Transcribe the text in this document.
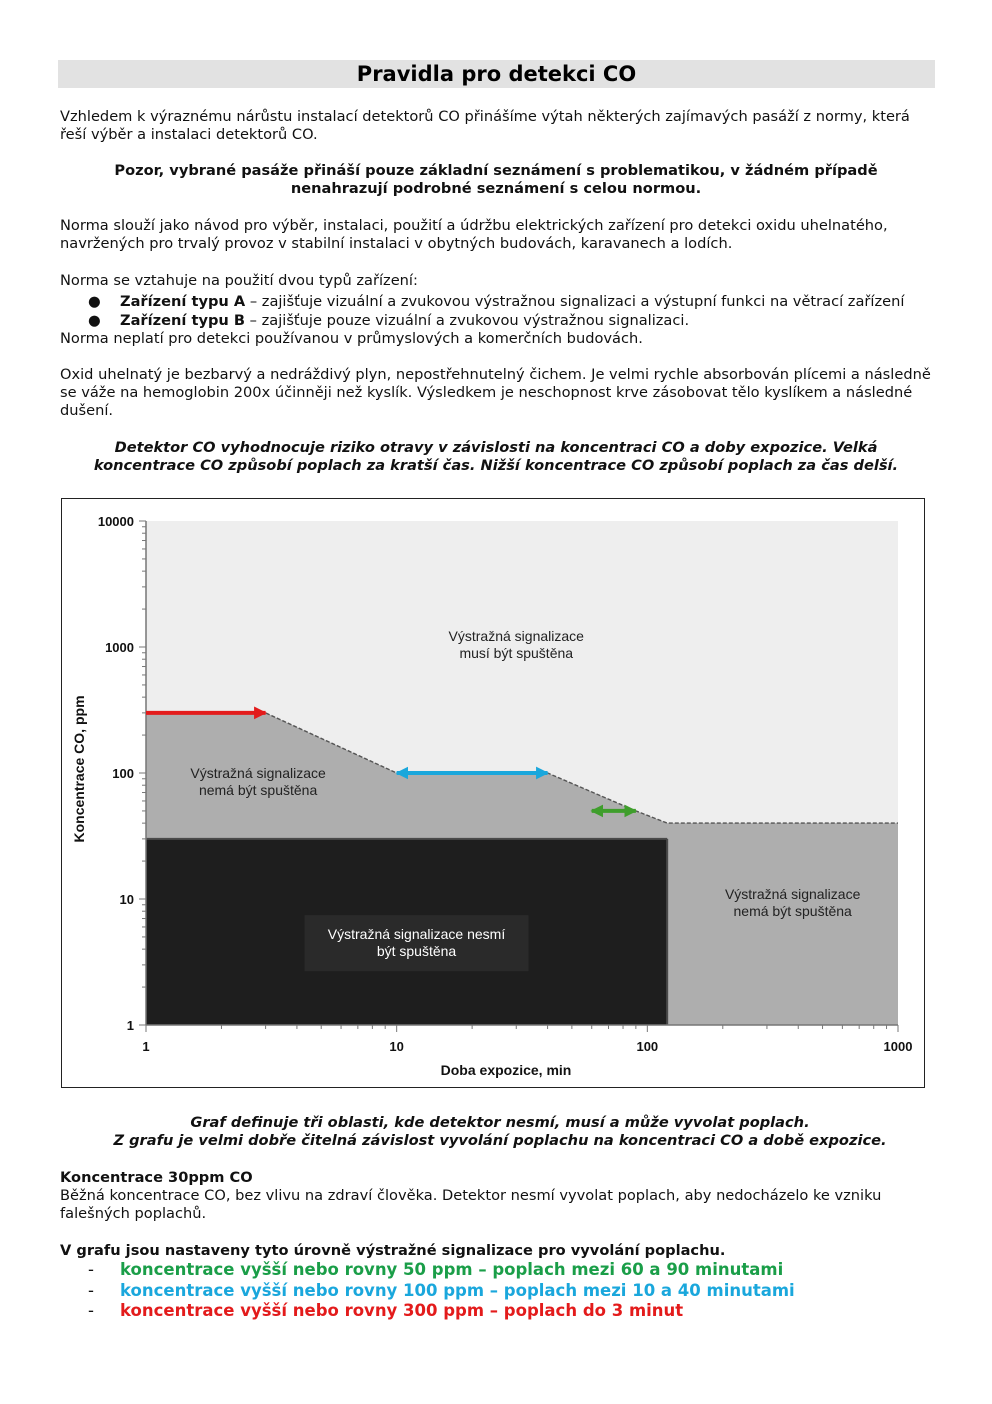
Pravidla pro detekci CO

Vzhledem k výraznému nárůstu instalací detektorů CO přinášíme výtah některých zajímavých pasáží z normy, která řeší výběr a instalaci detektorů CO.

Pozor, vybrané pasáže přináší pouze základní seznámení s problematikou, v žádném případě nenahrazují podrobné seznámení s celou normou.

Norma slouží jako návod pro výběr, instalaci, použití a údržbu elektrických zařízení pro detekci oxidu uhelnatého, navržených pro trvalý provoz v stabilní instalaci v obytných budovách, karavanech a lodích.

Norma se vztahuje na použití dvou typů zařízení:

● Zařízení typu A – zajišťuje vizuální a zvukovou výstražnou signalizaci a výstupní funkci na větrací zařízení
● Zařízení typu B – zajišťuje pouze vizuální a zvukovou výstražnou signalizaci.

Norma neplatí pro detekci používanou v průmyslových a komerčních budovách.

Oxid uhelnatý je bezbarvý a nedráždivý plyn, nepostřehnutelný čichem. Je velmi rychle absorbován plícemi a následně se váže na hemoglobin 200x účinněji než kyslík. Výsledkem je neschopnost krve zásobovat tělo kyslíkem a následné dušení.

Detektor CO vyhodnocuje riziko otravy v závislosti na koncentraci CO a doby expozice. Velká koncentrace CO způsobí poplach za kratší čas. Nižší koncentrace CO způsobí poplach za čas delší.

1	10	100	1000
1
10
100
1000
10000
Doba expozice, min
Koncentrace CO, ppm
Výstražná signalizace musí být spuštěna
Výstražná signalizace nemá být spuštěna
Výstražná signalizace nemá být spuštěna
Výstražná signalizace nesmí být spuštěna

Graf definuje tři oblasti, kde detektor nesmí, musí a může vyvolat poplach.

Z grafu je velmi dobře čitelná závislost vyvolání poplachu na koncentraci CO a době expozice.

Koncentrace 30ppm CO

Běžná koncentrace CO, bez vlivu na zdraví člověka. Detektor nesmí vyvolat poplach, aby nedocházelo ke vzniku falešných poplachů.

V grafu jsou nastaveny tyto úrovně výstražné signalizace pro vyvolání poplachu.

- koncentrace vyšší nebo rovny 50 ppm – poplach mezi 60 a 90 minutami
- koncentrace vyšší nebo rovny 100 ppm – poplach mezi 10 a 40 minutami
- koncentrace vyšší nebo rovny 300 ppm – poplach do 3 minut
